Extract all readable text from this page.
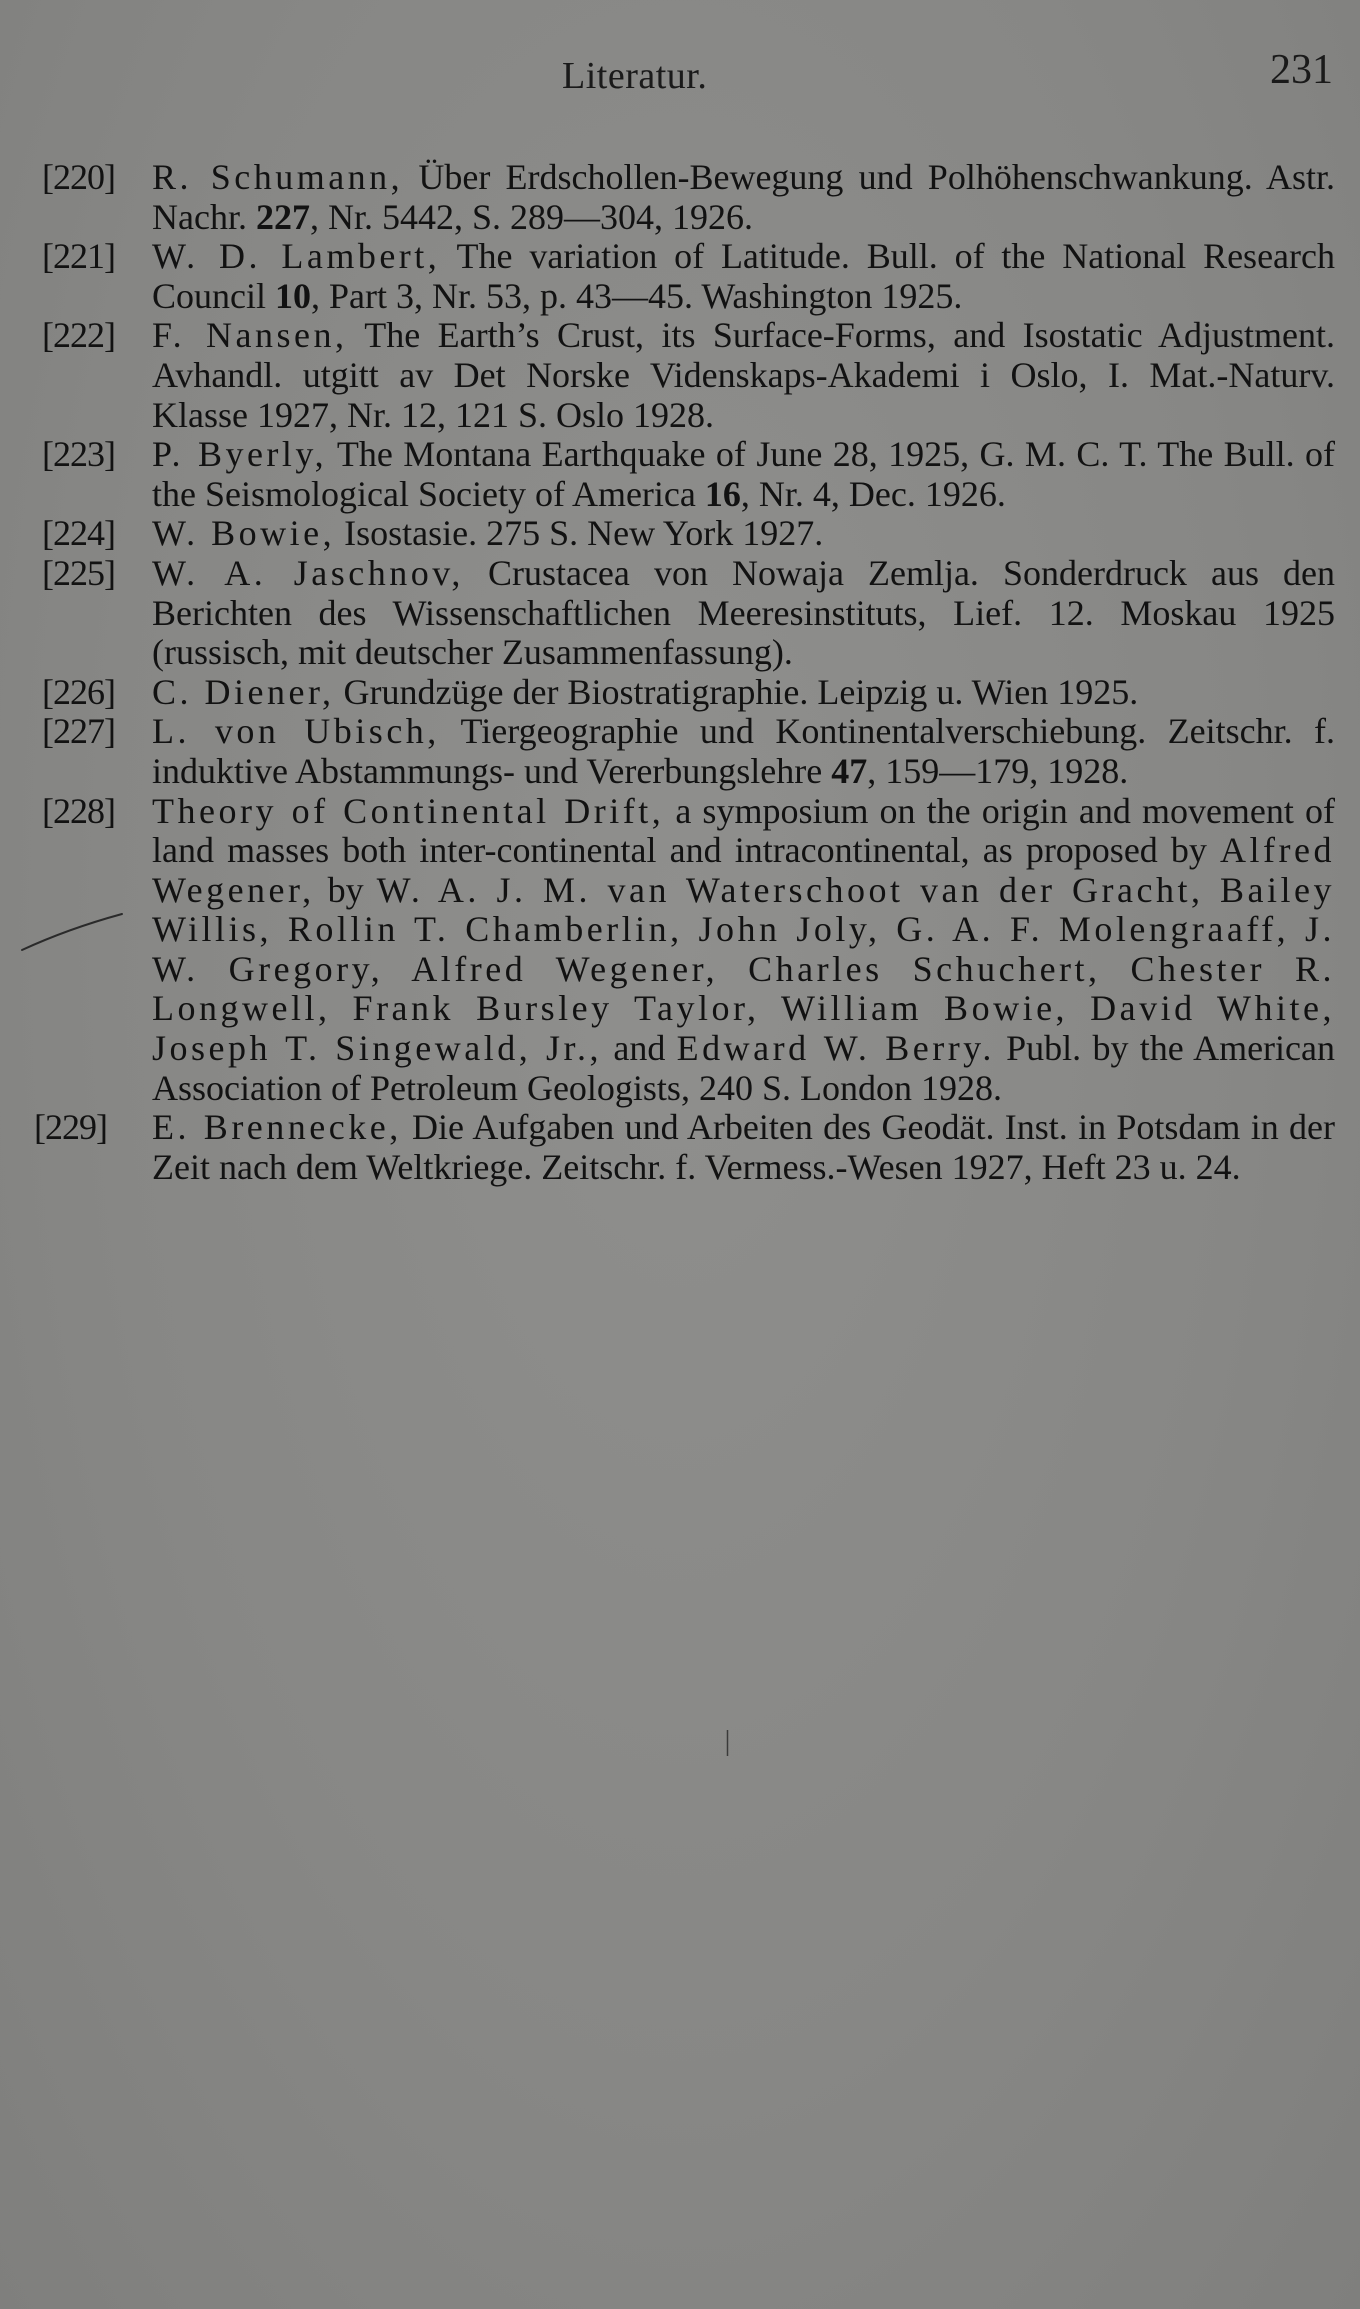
Literatur.	231
[220] R. Schumann, Über Erdschollen-Bewegung und Polhöhenschwankung. Astr. Nachr. 227, Nr. 5442, S. 289—304, 1926.
[221] W. D. Lambert, The variation of Latitude. Bull. of the National Research Council 10, Part 3, Nr. 53, p. 43—45. Washington 1925.
[222] F. Nansen, The Earth’s Crust, its Surface-Forms, and Isostatic Adjustment. Avhandl. utgitt av Det Norske Videnskaps-Akademi i Oslo, I. Mat.-Naturv. Klasse 1927, Nr. 12, 121 S. Oslo 1928.
[223] P. Byerly, The Montana Earthquake of June 28, 1925, G. M. C. T. The Bull. of the Seismological Society of America 16, Nr. 4, Dec. 1926.
[224] W. Bowie, Isostasie. 275 S. New York 1927.
[225] W. A. Jaschnov, Crustacea von Nowaja Zemlja. Sonderdruck aus den Berichten des Wissenschaftlichen Meeresinstituts, Lief. 12. Moskau 1925 (russisch, mit deutscher Zusammenfassung).
[226] C. Diener, Grundzüge der Biostratigraphie. Leipzig u. Wien 1925.
[227] L. von Ubisch, Tiergeographie und Kontinentalverschiebung. Zeitschr. f. induktive Abstammungs- und Vererbungslehre 47, 159—179, 1928.
[228] Theory of Continental Drift, a symposium on the origin and movement of land masses both inter-continental and intracontinental, as proposed by Alfred Wegener, by W. A. J. M. van Waterschoot van der Gracht, Bailey Willis, Rollin T. Chamberlin, John Joly, G. A. F. Molengraaff, J. W. Gregory, Alfred Wegener, Charles Schuchert, Chester R. Longwell, Frank Bursley Taylor, William Bowie, David White, Joseph T. Singewald, Jr., and Edward W. Berry. Publ. by the American Association of Petroleum Geologists, 240 S. London 1928.
[229] E. Brennecke, Die Aufgaben und Arbeiten des Geodät. Inst. in Potsdam in der Zeit nach dem Weltkriege. Zeitschr. f. Vermess.-Wesen 1927, Heft 23 u. 24.
